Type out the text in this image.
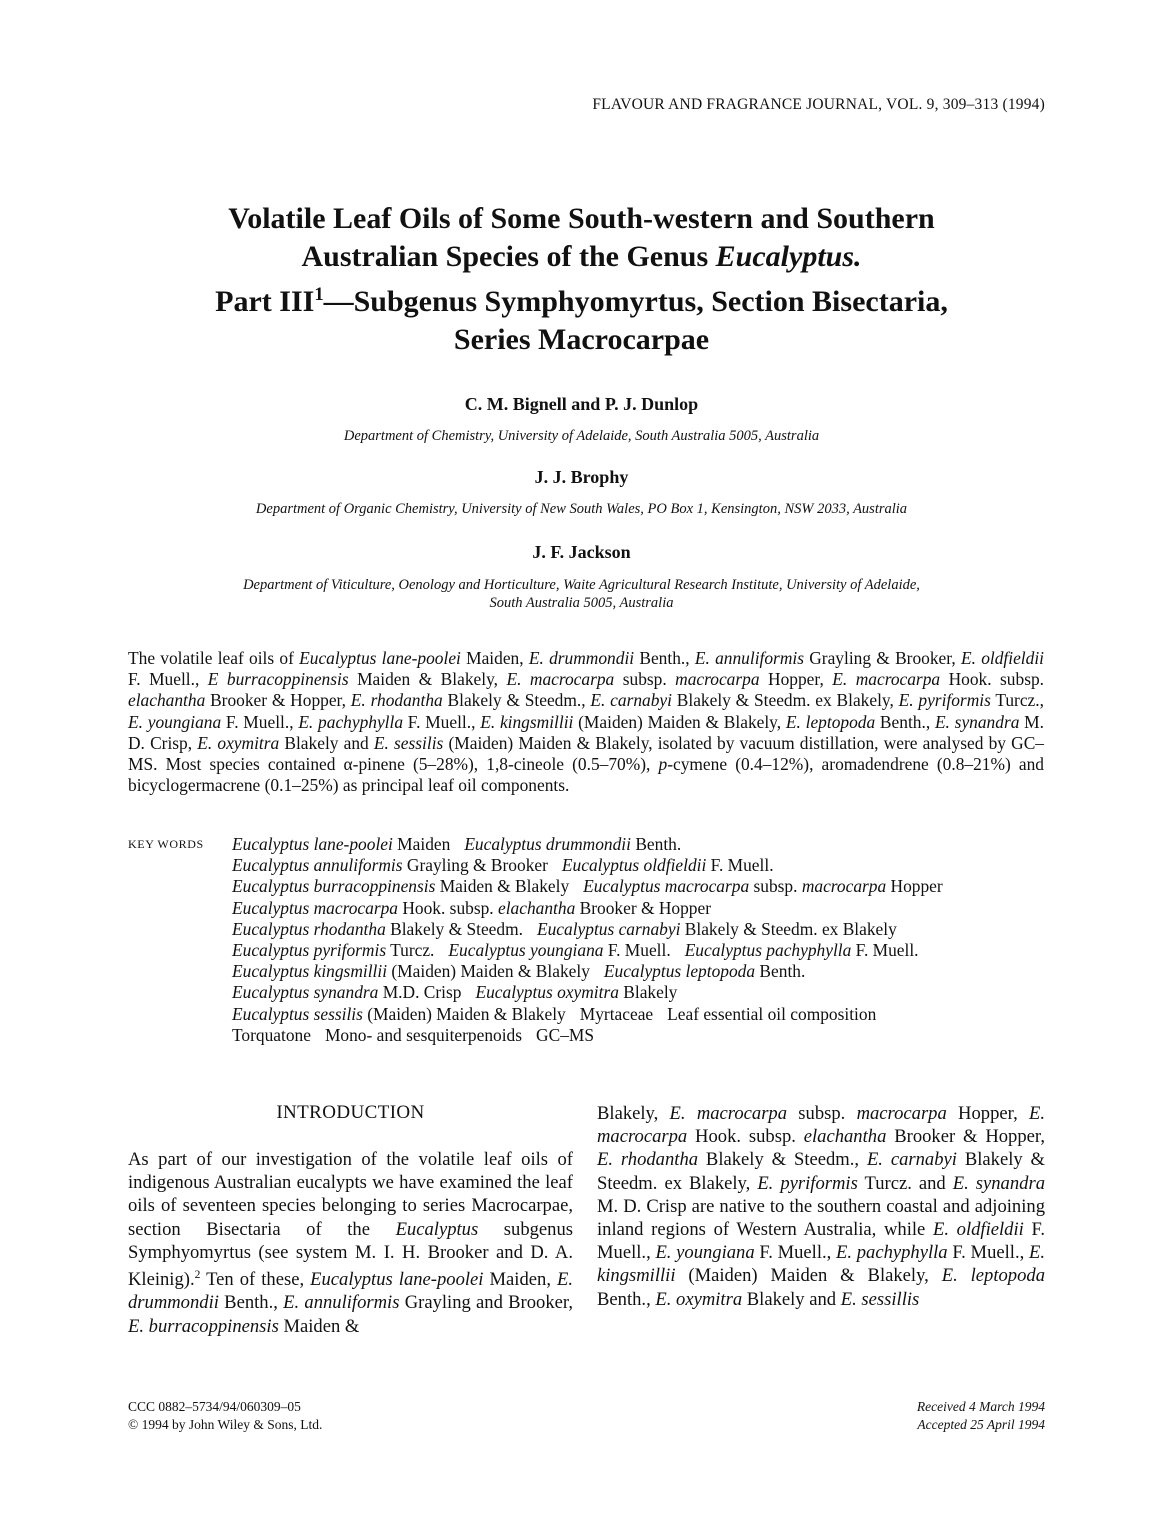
FLAVOUR AND FRAGRANCE JOURNAL, VOL. 9, 309–313 (1994)
Volatile Leaf Oils of Some South-western and Southern
Australian Species of the Genus Eucalyptus.
Part III$^1$—Subgenus Symphyomyrtus, Section Bisectaria,
Series Macrocarpae
C. M. Bignell and P. J. Dunlop
Department of Chemistry, University of Adelaide, South Australia 5005, Australia
J. J. Brophy
Department of Organic Chemistry, University of New South Wales, PO Box 1, Kensington, NSW 2033, Australia
J. F. Jackson
Department of Viticulture, Oenology and Horticulture, Waite Agricultural Research Institute, University of Adelaide,
South Australia 5005, Australia
The volatile leaf oils of Eucalyptus lane-poolei Maiden, E. drummondii Benth., E. annuliformis Grayling & Brooker, E. oldfieldii F. Muell., E burracoppinensis Maiden & Blakely, E. macrocarpa subsp. macrocarpa Hopper, E. macrocarpa Hook. subsp. elachantha Brooker & Hopper, E. rhodantha Blakely & Steedm., E. carnabyi Blakely & Steedm. ex Blakely, E. pyriformis Turcz., E. youngiana F. Muell., E. pachyphylla F. Muell., E. kingsmillii (Maiden) Maiden & Blakely, E. leptopoda Benth., E. synandra M. D. Crisp, E. oxymitra Blakely and E. sessilis (Maiden) Maiden & Blakely, isolated by vacuum distillation, were analysed by GC–MS. Most species contained α-pinene (5–28%), 1,8-cineole (0.5–70%), p-cymene (0.4–12%), aromadendrene (0.8–21%) and bicyclogermacrene (0.1–25%) as principal leaf oil components.
KEY WORDS Eucalyptus lane-poolei Maiden Eucalyptus drummondii Benth.
Eucalyptus annuliformis Grayling & Brooker Eucalyptus oldfieldii F. Muell.
Eucalyptus burracoppinensis Maiden & Blakely Eucalyptus macrocarpa subsp. macrocarpa Hopper
Eucalyptus macrocarpa Hook. subsp. elachantha Brooker & Hopper
Eucalyptus rhodantha Blakely & Steedm. Eucalyptus carnabyi Blakely & Steedm. ex Blakely
Eucalyptus pyriformis Turcz. Eucalyptus youngiana F. Muell. Eucalyptus pachyphylla F. Muell.
Eucalyptus kingsmillii (Maiden) Maiden & Blakely Eucalyptus leptopoda Benth.
Eucalyptus synandra M.D. Crisp Eucalyptus oxymitra Blakely
Eucalyptus sessilis (Maiden) Maiden & Blakely Myrtaceae Leaf essential oil composition
Torquatone Mono- and sesquiterpenoids GC–MS
INTRODUCTION
As part of our investigation of the volatile leaf oils of indigenous Australian eucalypts we have examined the leaf oils of seventeen species belonging to series Macrocarpae, section Bisectaria of the Eucalyptus subgenus Symphyomyrtus (see system M. I. H. Brooker and D. A. Kleinig).$^2$ Ten of these, Eucalyptus lane-poolei Maiden, E. drummondii Benth., E. annuliformis Grayling and Brooker, E. burracoppinensis Maiden &
Blakely, E. macrocarpa subsp. macrocarpa Hopper, E. macrocarpa Hook. subsp. elachantha Brooker & Hopper, E. rhodantha Blakely & Steedm., E. carnabyi Blakely & Steedm. ex Blakely, E. pyriformis Turcz. and E. synandra M. D. Crisp are native to the southern coastal and adjoining inland regions of Western Australia, while E. oldfieldii F. Muell., E. youngiana F. Muell., E. pachyphylla F. Muell., E. kingsmillii (Maiden) Maiden & Blakely, E. leptopoda Benth., E. oxymitra Blakely and E. sessillis
CCC 0882–5734/94/060309–05
© 1994 by John Wiley & Sons, Ltd.
Received 4 March 1994
Accepted 25 April 1994
